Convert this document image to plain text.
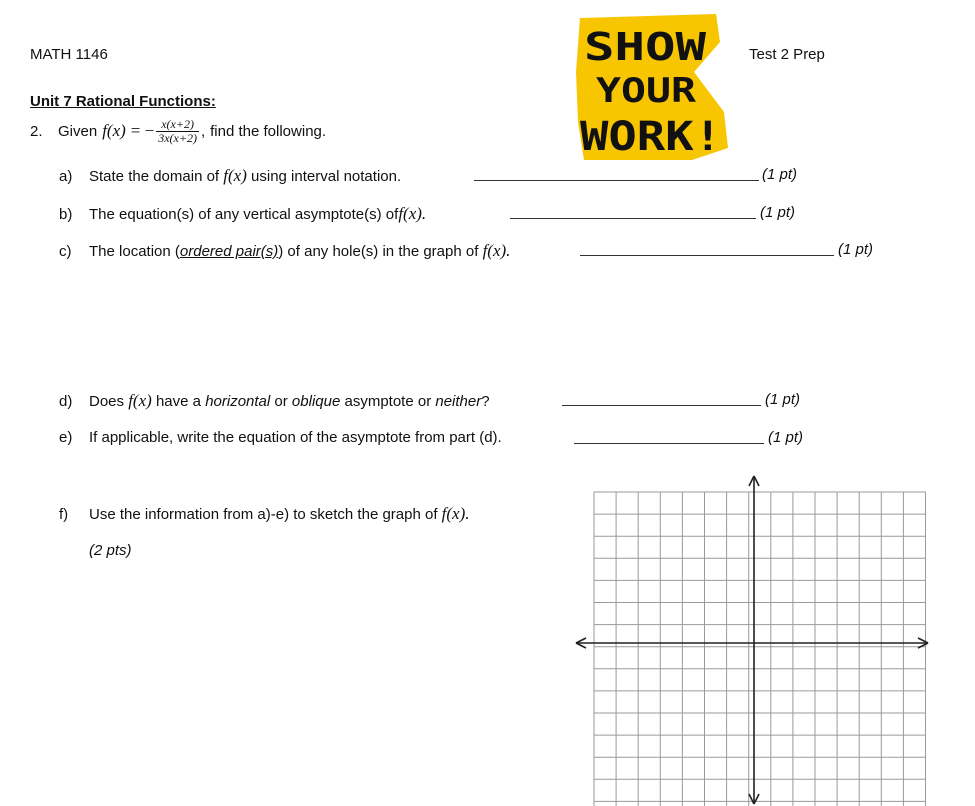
MATH 1146	Test 2 Prep
SHOW
YOUR
WORK!
Unit 7 Rational Functions:
2.	Given f(x) = − $\frac{x(x+2)}{3x(x+2)}$ , find the following.
a) State the domain of f(x) using interval notation.	(1 pt)
b) The equation(s) of any vertical asymptote(s) off(x).	(1 pt)
c) The location (ordered pair(s)) of any hole(s) in the graph of f(x).	(1 pt)
d) Does f(x) have a horizontal or oblique asymptote or neither?	(1 pt)
e) If applicable, write the equation of the asymptote from part (d).	(1 pt)
f) Use the information from a)-e) to sketch the graph of f(x).
(2 pts)
